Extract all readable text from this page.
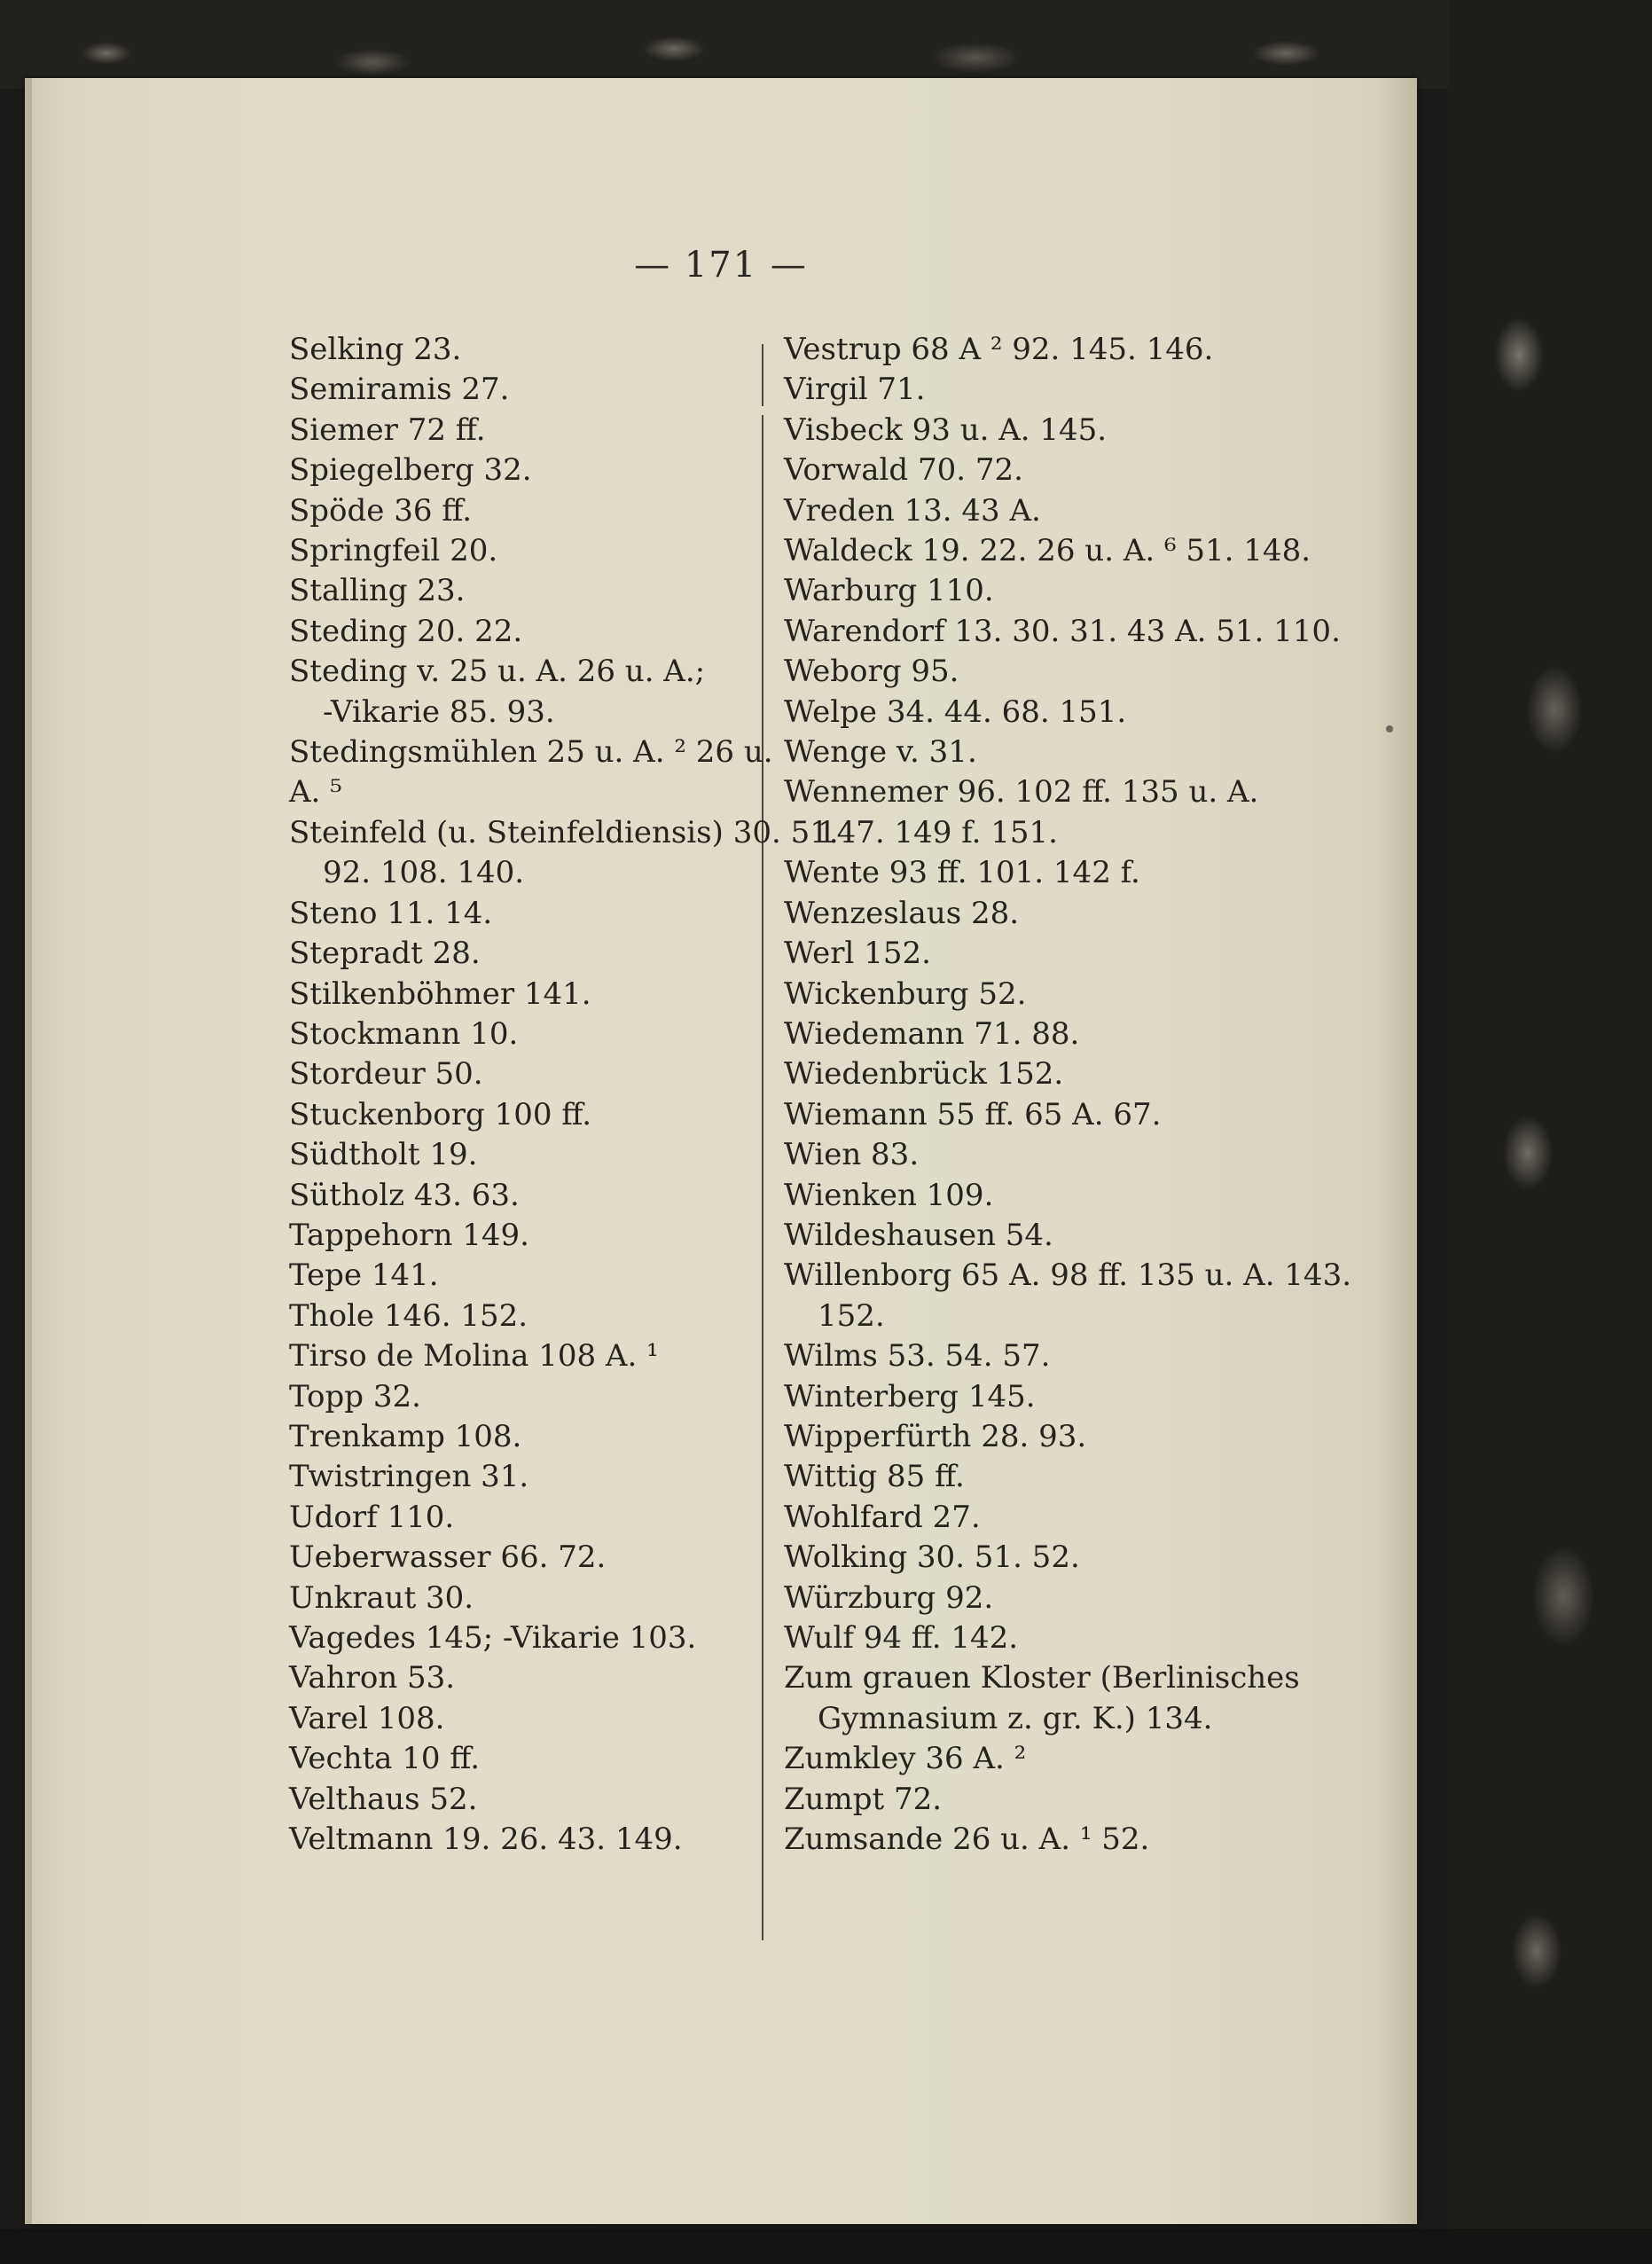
— 171 —
Selking 23.
Semiramis 27.
Siemer 72 ff.
Spiegelberg 32.
Spöde 36 ff.
Springfeil 20.
Stalling 23.
Steding 20. 22.
Steding v. 25 u. A. 26 u. A.;
-Vikarie 85. 93.
Stedingsmühlen 25 u. A. ² 26 u.
A. ⁵
Steinfeld (u. Steinfeldiensis) 30. 51.
92. 108. 140.
Steno 11. 14.
Stepradt 28.
Stilkenböhmer 141.
Stockmann 10.
Stordeur 50.
Stuckenborg 100 ff.
Südtholt 19.
Sütholz 43. 63.
Tappehorn 149.
Tepe 141.
Thole 146. 152.
Tirso de Molina 108 A. ¹
Topp 32.
Trenkamp 108.
Twistringen 31.
Udorf 110.
Ueberwasser 66. 72.
Unkraut 30.
Vagedes 145; -Vikarie 103.
Vahron 53.
Varel 108.
Vechta 10 ff.
Velthaus 52.
Veltmann 19. 26. 43. 149.
Vestrup 68 A ² 92. 145. 146.
Virgil 71.
Visbeck 93 u. A. 145.
Vorwald 70. 72.
Vreden 13. 43 A.
Waldeck 19. 22. 26 u. A. ⁶ 51. 148.
Warburg 110.
Warendorf 13. 30. 31. 43 A. 51. 110.
Weborg 95.
Welpe 34. 44. 68. 151.
Wenge v. 31.
Wennemer 96. 102 ff. 135 u. A.
147. 149 f. 151.
Wente 93 ff. 101. 142 f.
Wenzeslaus 28.
Werl 152.
Wickenburg 52.
Wiedemann 71. 88.
Wiedenbrück 152.
Wiemann 55 ff. 65 A. 67.
Wien 83.
Wienken 109.
Wildeshausen 54.
Willenborg 65 A. 98 ff. 135 u. A. 143.
152.
Wilms 53. 54. 57.
Winterberg 145.
Wipperfürth 28. 93.
Wittig 85 ff.
Wohlfard 27.
Wolking 30. 51. 52.
Würzburg 92.
Wulf 94 ff. 142.
Zum grauen Kloster (Berlinisches
Gymnasium z. gr. K.) 134.
Zumkley 36 A. ²
Zumpt 72.
Zumsande 26 u. A. ¹ 52.
